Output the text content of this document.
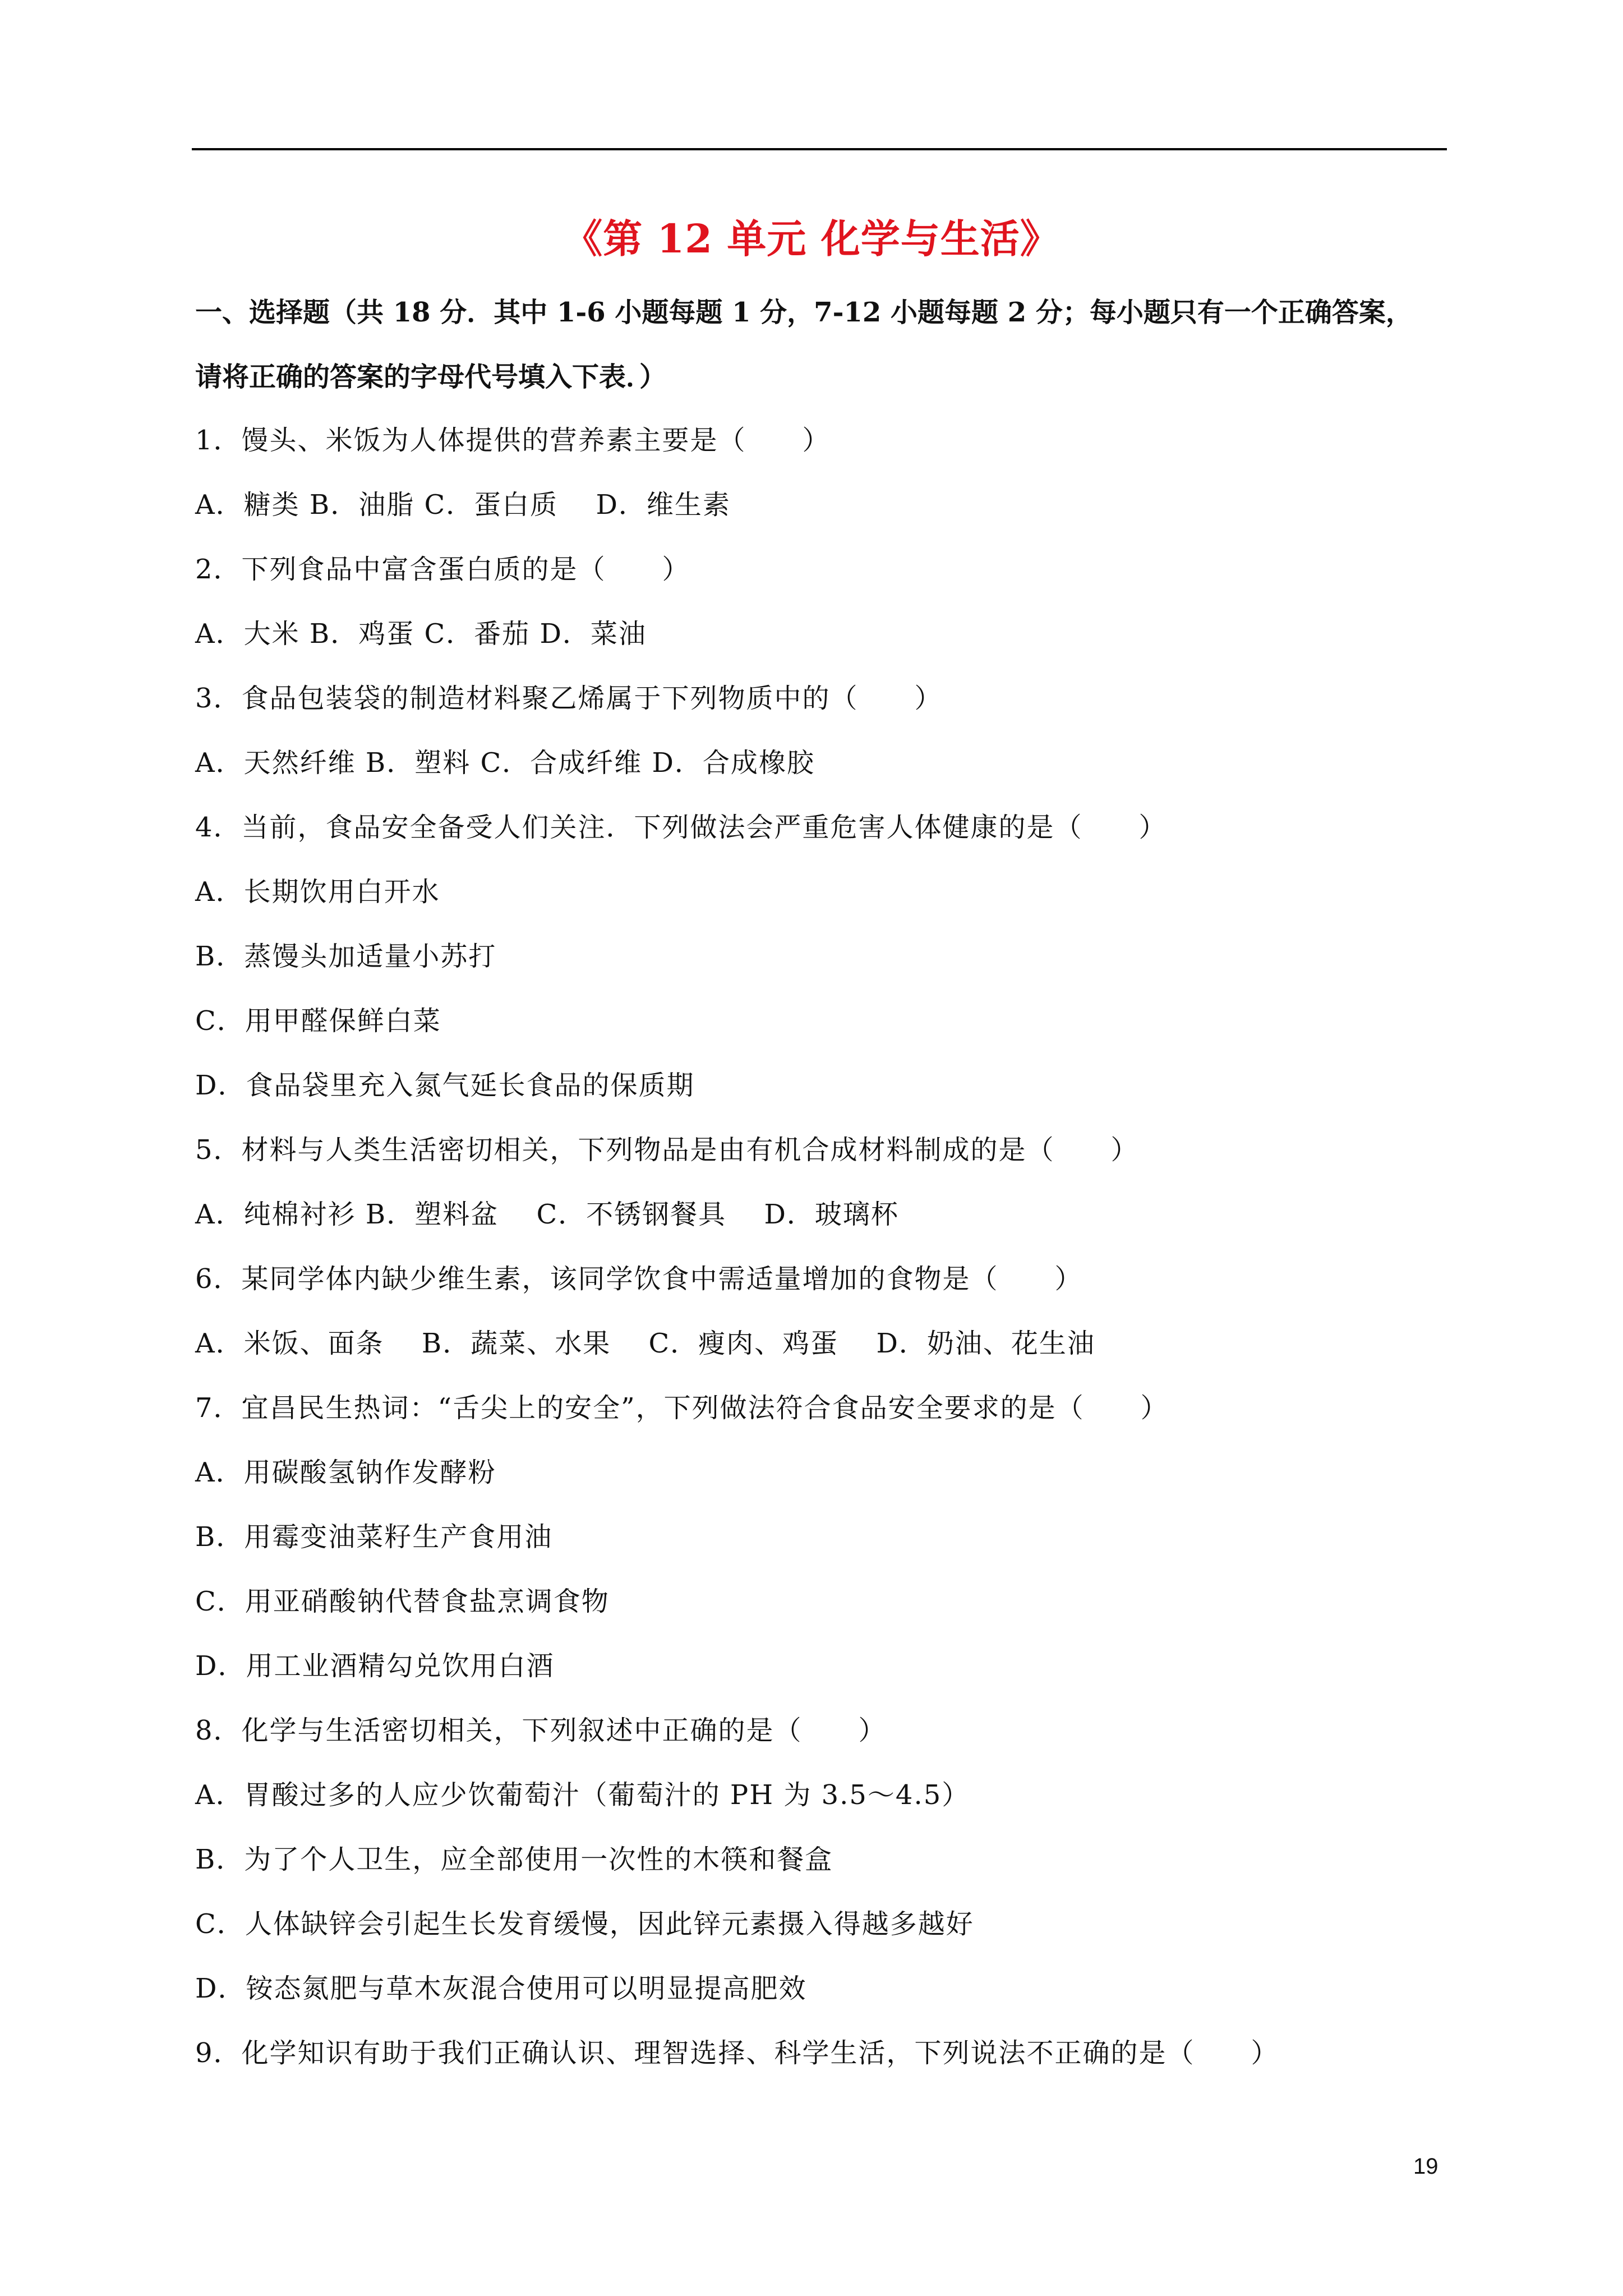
《第 12 单元 化学与生活》
一、选择题（共 18 分．其中 1-6 小题每题 1 分，7-12 小题每题 2 分；每小题只有一个正确答案，
请将正确的答案的字母代号填入下表．）
1．馒头、米饭为人体提供的营养素主要是（　　）
A．糖类 B．油脂 C．蛋白质　 D．维生素
2．下列食品中富含蛋白质的是（　　）
A．大米 B．鸡蛋 C．番茄 D．菜油
3．食品包装袋的制造材料聚乙烯属于下列物质中的（　　）
A．天然纤维 B．塑料 C．合成纤维 D．合成橡胶
4．当前，食品安全备受人们关注．下列做法会严重危害人体健康的是（　　）
A．长期饮用白开水
B．蒸馒头加适量小苏打
C．用甲醛保鲜白菜
D．食品袋里充入氮气延长食品的保质期
5．材料与人类生活密切相关，下列物品是由有机合成材料制成的是（　　）
A．纯棉衬衫 B．塑料盆　 C．不锈钢餐具　 D．玻璃杯
6．某同学体内缺少维生素，该同学饮食中需适量增加的食物是（　　）
A．米饭、面条　 B．蔬菜、水果　 C．瘦肉、鸡蛋　 D．奶油、花生油
7．宜昌民生热词：“舌尖上的安全”，下列做法符合食品安全要求的是（　　）
A．用碳酸氢钠作发酵粉
B．用霉变油菜籽生产食用油
C．用亚硝酸钠代替食盐烹调食物
D．用工业酒精勾兑饮用白酒
8．化学与生活密切相关，下列叙述中正确的是（　　）
A．胃酸过多的人应少饮葡萄汁（葡萄汁的 PH 为 3.5～4.5）
B．为了个人卫生，应全部使用一次性的木筷和餐盒
C．人体缺锌会引起生长发育缓慢，因此锌元素摄入得越多越好
D．铵态氮肥与草木灰混合使用可以明显提高肥效
9．化学知识有助于我们正确认识、理智选择、科学生活，下列说法不正确的是（　　）
19
